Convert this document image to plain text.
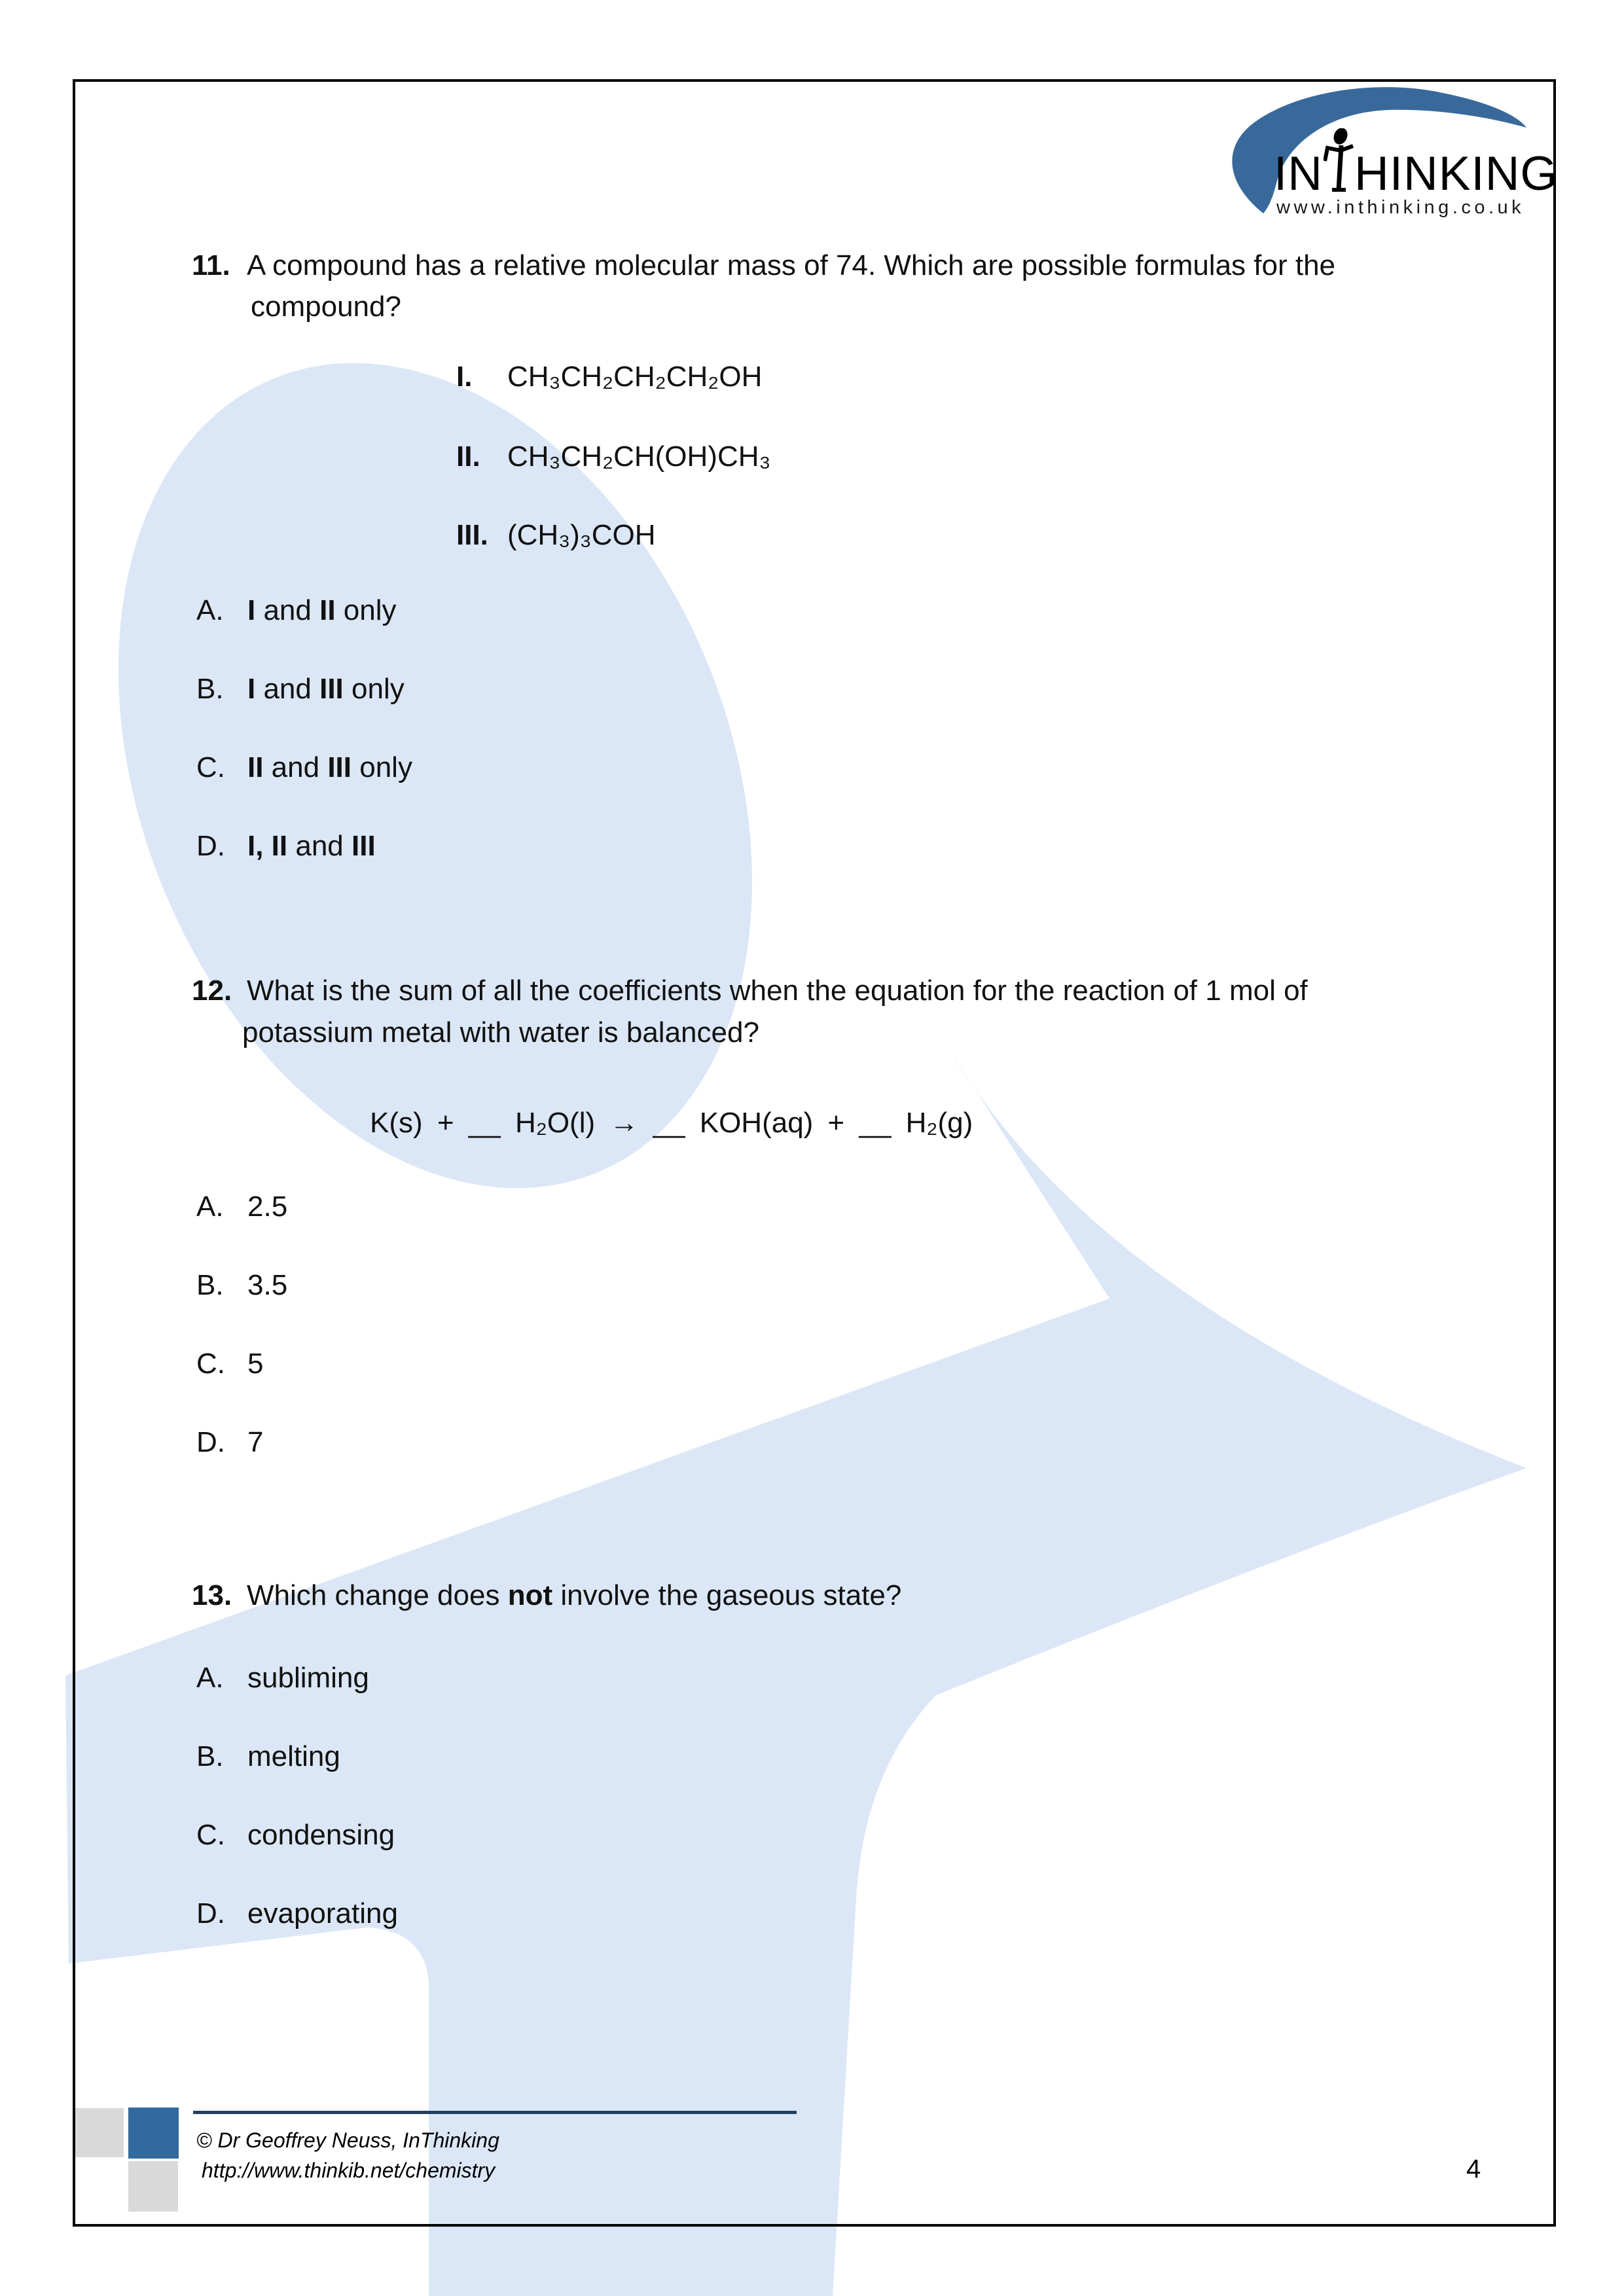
IN HINKING
www.inthinking.co.uk
11. A compound has a relative molecular mass of 74. Which are possible formulas for the
compound?
I. CH₃CH₂CH₂CH₂OH
II. CH₃CH₂CH(OH)CH₃
III. (CH₃)₃COH
A. I and II only
B. I and III only
C. II and III only
D. I, II and III
12. What is the sum of all the coefficients when the equation for the reaction of 1 mol of
potassium metal with water is balanced?
K(s) + __ H₂O(l) → __ KOH(aq) + __ H₂(g)
A. 2.5
B. 3.5
C. 5
D. 7
13. Which change does not involve the gaseous state?
A. subliming
B. melting
C. condensing
D. evaporating
© Dr Geoffrey Neuss, InThinking
http://www.thinkib.net/chemistry	4
